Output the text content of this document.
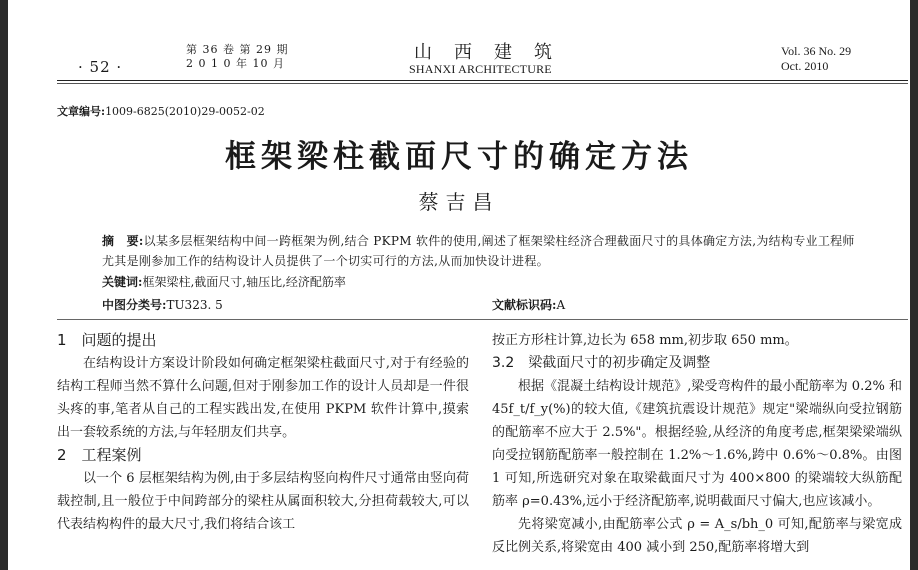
· 52 ·
第 36 卷 第 29 期
2 0 1 0 年 10 月
山西建筑
SHANXI ARCHITECTURE
Vol. 36 No. 29
Oct. 2010
文章编号:1009-6825(2010)29-0052-02
框架梁柱截面尺寸的确定方法
蔡吉昌
摘　要:以某多层框架结构中间一跨框架为例,结合 PKPM 软件的使用,阐述了框架梁柱经济合理截面尺寸的具体确定方法,为结构专业工程师尤其是刚参加工作的结构设计人员提供了一个切实可行的方法,从而加快设计进程。
关键词:框架梁柱,截面尺寸,轴压比,经济配筋率
中图分类号:TU323. 5	文献标识码:A
1　问题的提出

在结构设计方案设计阶段如何确定框架梁柱截面尺寸,对于有经验的结构工程师当然不算什么问题,但对于刚参加工作的设计人员却是一件很头疼的事,笔者从自己的工程实践出发,在使用 PKPM 软件计算中,摸索出一套较系统的方法,与年轻朋友们共享。

2　工程案例

以一个 6 层框架结构为例,由于多层结构竖向构件尺寸通常由竖向荷载控制,且一般位于中间跨部分的梁柱从属面积较大,分担荷载较大,可以代表结构构件的最大尺寸,我们将结合该工

按正方形柱计算,边长为 658 mm,初步取 650 mm。

3.2　梁截面尺寸的初步确定及调整

根据《混凝土结构设计规范》,梁受弯构件的最小配筋率为 0.2% 和 45f_t/f_y(%)的较大值,《建筑抗震设计规范》规定"梁端纵向受拉钢筋的配筋率不应大于 2.5%"。根据经验,从经济的角度考虑,框架梁梁端纵向受拉钢筋配筋率一般控制在 1.2%～1.6%,跨中 0.6%～0.8%。由图 1 可知,所选研究对象在取梁截面尺寸为 400×800 的梁端较大纵筋配筋率 ρ=0.43%,远小于经济配筋率,说明截面尺寸偏大,也应该减小。

先将梁宽减小,由配筋率公式 ρ = A_s/bh_0 可知,配筋率与梁宽成反比例关系,将梁宽由 400 减小到 250,配筋率将增大到
